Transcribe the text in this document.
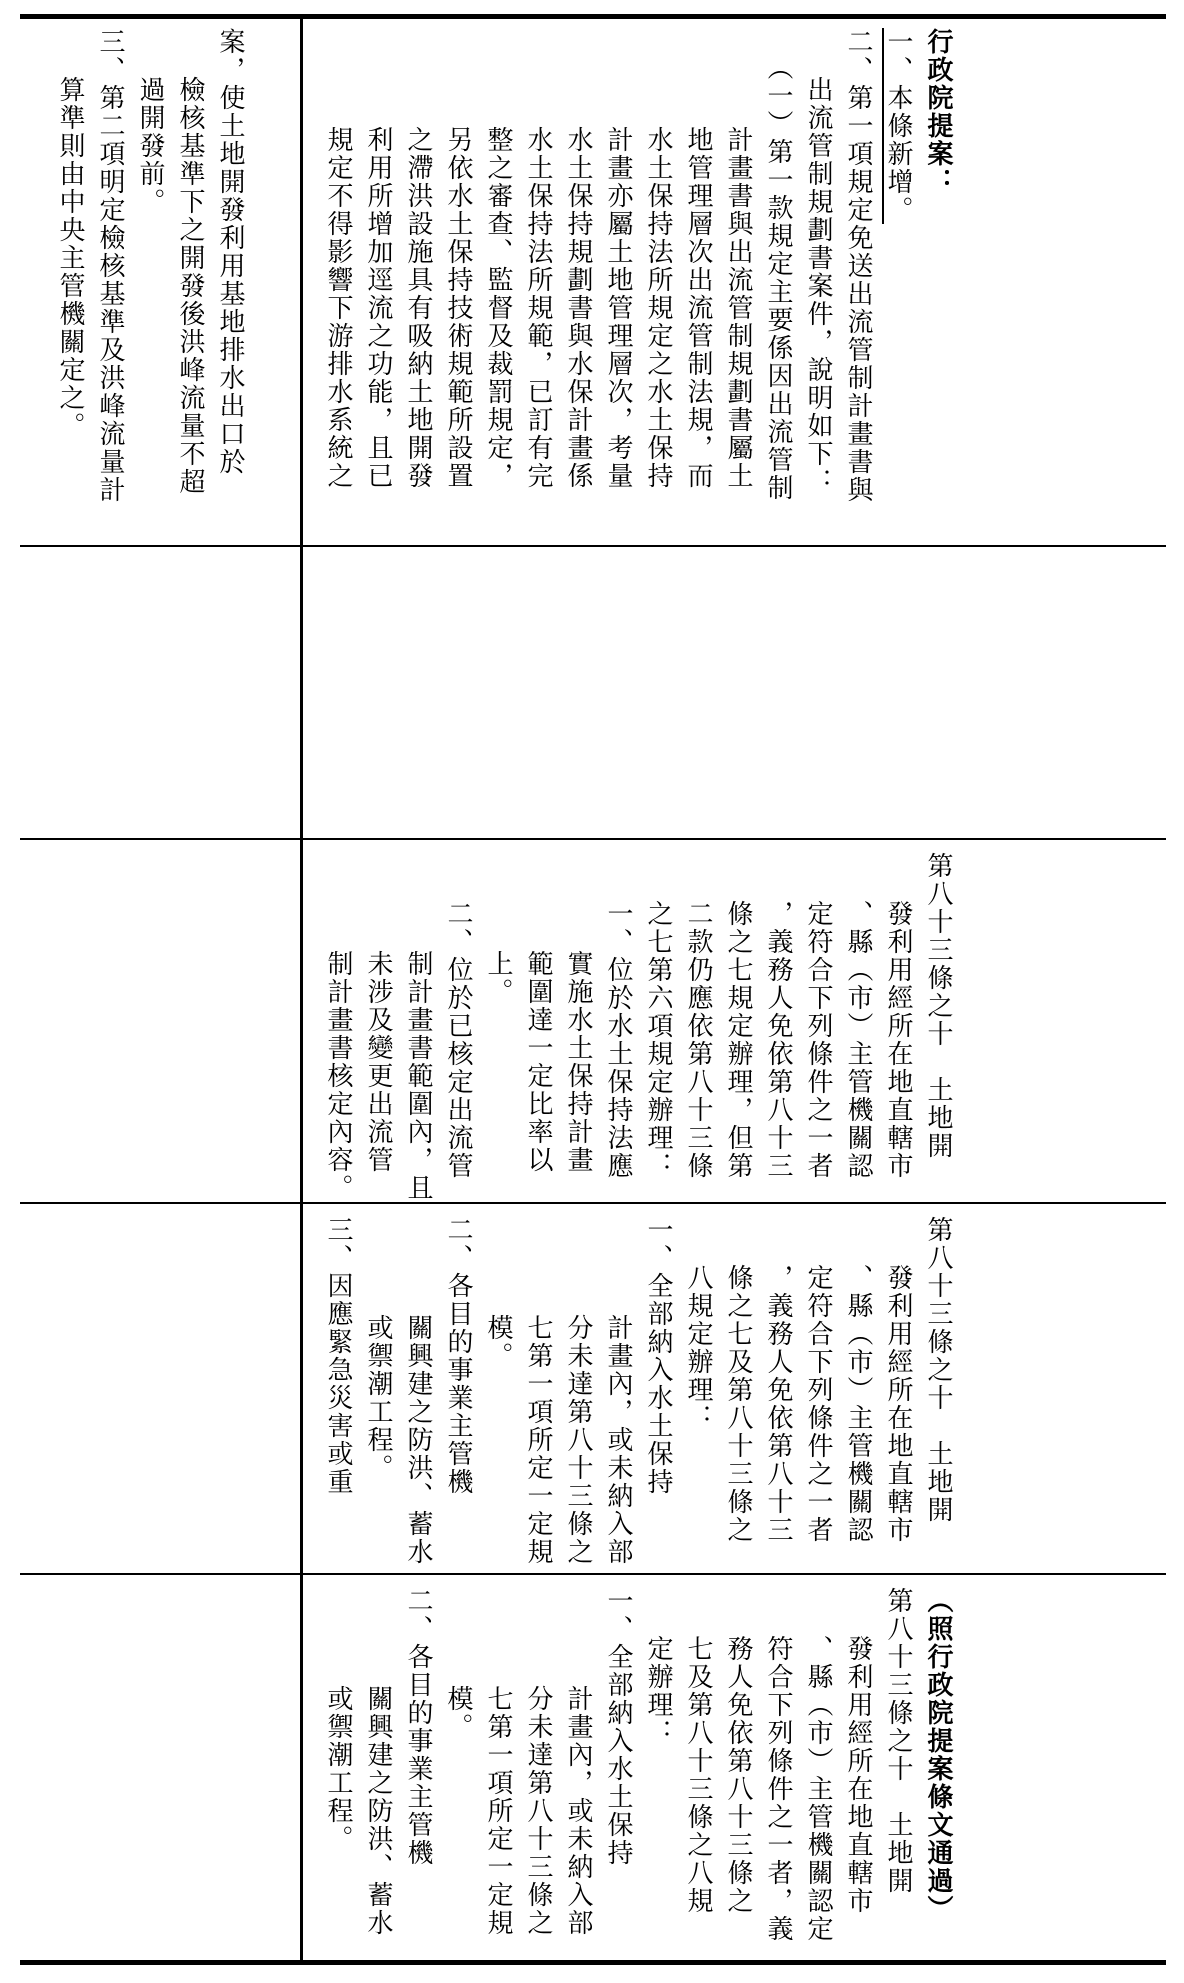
案，使土地開發利用基地排水出口於

檢核基準下之開發後洪峰流量不超

過開發前。

三、第二項明定檢核基準及洪峰流量計

算準則由中央主管機關定之。	行政院提案：

一、本條新增。

二、第一項規定免送出流管制計畫書與

出流管制規劃書案件，說明如下：

（一）第一款規定主要係因出流管制

計畫書與出流管制規劃書屬土

地管理層次出流管制法規，而

水土保持法所規定之水土保持

計畫亦屬土地管理層次，考量

水土保持規劃書與水保計畫係

水土保持法所規範，已訂有完

整之審查、監督及裁罰規定，

另依水土保持技術規範所設置

之滯洪設施具有吸納土地開發

利用所增加逕流之功能，且已

規定不得影響下游排水系統之

第八十三條之十　土地開

發利用經所在地直轄市

、縣（市）主管機關認

定符合下列條件之一者

，義務人免依第八十三

條之七規定辦理，但第

二款仍應依第八十三條

之七第六項規定辦理：

一、位於水土保持法應

實施水土保持計畫

範圍達一定比率以

上。

二、位於已核定出流管

制計畫書範圍內，且

未涉及變更出流管

制計畫書核定內容。

第八十三條之十　土地開

發利用經所在地直轄市

、縣（市）主管機關認

定符合下列條件之一者

，義務人免依第八十三

條之七及第八十三條之

八規定辦理：

一、全部納入水土保持

計畫內，或未納入部

分未達第八十三條之

七第一項所定一定規

模。

二、各目的事業主管機

關興建之防洪、蓄水

或禦潮工程。

三、因應緊急災害或重

（照行政院提案條文通過）

第八十三條之十　土地開

發利用經所在地直轄市

、縣（市）主管機關認定

符合下列條件之一者，義

務人免依第八十三條之

七及第八十三條之八規

定辦理：

一、全部納入水土保持

計畫內，或未納入部

分未達第八十三條之

七第一項所定一定規

模。

二、各目的事業主管機

關興建之防洪、蓄水

或禦潮工程。
